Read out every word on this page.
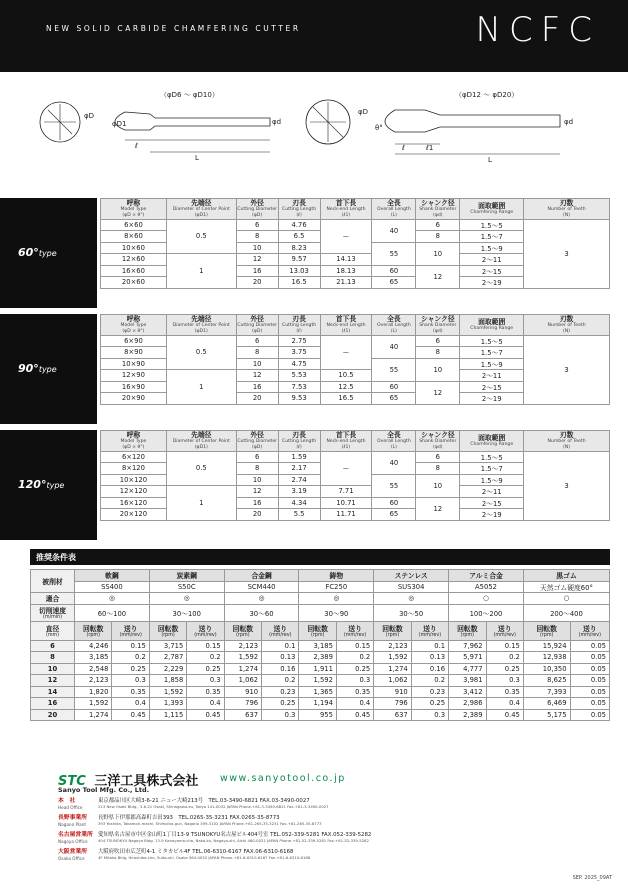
NEW SOLID CARBIDE CHAMFERING CUTTER	NCFC
（φD6 ～ φD10）	（φD12 ～ φD20）
φD
φD1	φd
ℓ
L
φD
θ°
φd
ℓ	ℓ1
L
60°type
呼称
Model Type
(φD × θ°)	先端径
Diameter of Center Point
(φD1)	外径
Cutting Diameter
(φD)	刃長
Cutting Length
(ℓ)	首下長
Neck-end Length
(ℓ1)	全長
Overall Length
(L)	シャンク径
Shank Diameter
(φd)	面取範囲
Chamfering Range	刃数
Number of Teeth
(N)

6×60	0.5	6	4.76	ー	40	6	1.5～5	3
8×60		8	6.5			8	1.5～7	
10×60		10	8.23		55	10	1.5～9	
12×60	1	12	9.57	14.13			2～11	
16×60		16	13.03	18.13	60	12	2～15	
20×60		20	16.5	21.13	65		2～19	
90°type
呼称
Model Type
(φD × θ°)	先端径
Diameter of Center Point
(φD1)	外径
Cutting Diameter
(φD)	刃長
Cutting Length
(ℓ)	首下長
Neck-end Length
(ℓ1)	全長
Overall Length
(L)	シャンク径
Shank Diameter
(φd)	面取範囲
Chamfering Range	刃数
Number of Teeth
(N)

6×90	0.5	6	2.75	ー	40	6	1.5～5	3
8×90		8	3.75			8	1.5～7	
10×90		10	4.75		55	10	1.5～9	
12×90	1	12	5.53	10.5			2～11	
16×90		16	7.53	12.5	60	12	2～15	
20×90		20	9.53	16.5	65		2～19	
120°type
呼称
Model Type
(φD × θ°)	先端径
Diameter of Center Point
(φD1)	外径
Cutting Diameter
(φD)	刃長
Cutting Length
(ℓ)	首下長
Neck-end Length
(ℓ1)	全長
Overall Length
(L)	シャンク径
Shank Diameter
(φd)	面取範囲
Chamfering Range	刃数
Number of Teeth
(N)

6×120	0.5	6	1.59	ー	40	6	1.5～5	3
8×120		8	2.17			8	1.5～7	
10×120		10	2.74		55	10	1.5～9	
12×120	1	12	3.19	7.71			2～11	
16×120		16	4.34	10.71	60	12	2～15	
20×120		20	5.5	11.71	65		2～19	
推奨条件表
被削材	軟鋼		炭素鋼		合金鋼		鋳物		ステンレス		アルミ合金		黒ゴム	
	SS400		S50C		SCM440		FC250		SUS304		A5052		天然ゴム硬度60°	
適合	◎		◎		◎		◎		◎		○		○	
切削速度
(m/min)	60～100		30～100		30～60		30～90		30～50		100～200		200～400	
直径
(mm)	回転数
(rpm)	送り
(mm/rev)	回転数
(rpm)	送り
(mm/rev)	回転数
(rpm)	送り
(mm/rev)	回転数
(rpm)	送り
(mm/rev)	回転数
(rpm)	送り
(mm/rev)	回転数
(rpm)	送り
(mm/rev)	回転数
(rpm)	送り
(mm/rev)

6	4,246	0.15	3,715	0.15	2,123	0.1	3,185	0.15	2,123	0.1	7,962	0.15	15,924	0.05
8	3,185	0.2	2,787	0.2	1,592	0.13	2,389	0.2	1,592	0.13	5,971	0.2	12,938	0.05
10	2,548	0.25	2,229	0.25	1,274	0.16	1,911	0.25	1,274	0.16	4,777	0.25	10,350	0.05
12	2,123	0.3	1,858	0.3	1,062	0.2	1,592	0.3	1,062	0.2	3,981	0.3	8,625	0.05
14	1,820	0.35	1,592	0.35	910	0.23	1,365	0.35	910	0.23	3,412	0.35	7,393	0.05
16	1,592	0.4	1,393	0.4	796	0.25	1,194	0.4	796	0.25	2,986	0.4	6,469	0.05
20	1,274	0.45	1,115	0.45	637	0.3	955	0.45	637	0.3	2,389	0.45	5,175	0.05
STC 三洋工具株式会社
Sanyo Tool Mfg. Co., Ltd.
www.sanyotool.co.jp
本　社
Head Office
東京都品川区大崎3-6-21 ニュー大崎213号　TEL.03-3490-6821 FAX.03-3490-0027
213 New Osaki Bldg., 3-6-21 Osaki, Shinagawa-ku, Tokyo 141-0032 JAPAN Phone.+81-3-3490-6821 Fax.+81-3-3490-0027
長野事業所
Nagano Plant
長野県下伊那郡高森町吉田393　TEL.0265-35-3231 FAX.0265-35-8773
393 Yoshida, Takamori-machi, Shimoina-gun, Nagano 399-3102 JAPAN Phone.+81-265-35-3231 Fax.+81-265-35-8773
名古屋営業所
Nagoya Office
愛知県名古屋市中区金山町1丁目13-9 TSUNOKYU名古屋ビル404号室 TEL.052-339-5281 FAX.052-339-5282
404 TSUNOKYU Nagoya Bldg, 13-9 Kanayama-cho, Naka-ku, Nagoya-shi, Aichi 460-0021 JAPAN Phone.+81-52-339-5281 Fax.+81-52-339-5282
大阪営業所
Osaka Office
大阪府吹田市広芝町4-1 ミタカビル4F TEL.06-6310-6167 FAX.06-6310-6168
4F Mitaka Bldg, Hiroshiba-cho, Suita-shi, Osaka 564-0052 JAPAN Phone.+81-6-6310-6167 Fax.+81-6-6310-6168
SEP. 2025_09AT
